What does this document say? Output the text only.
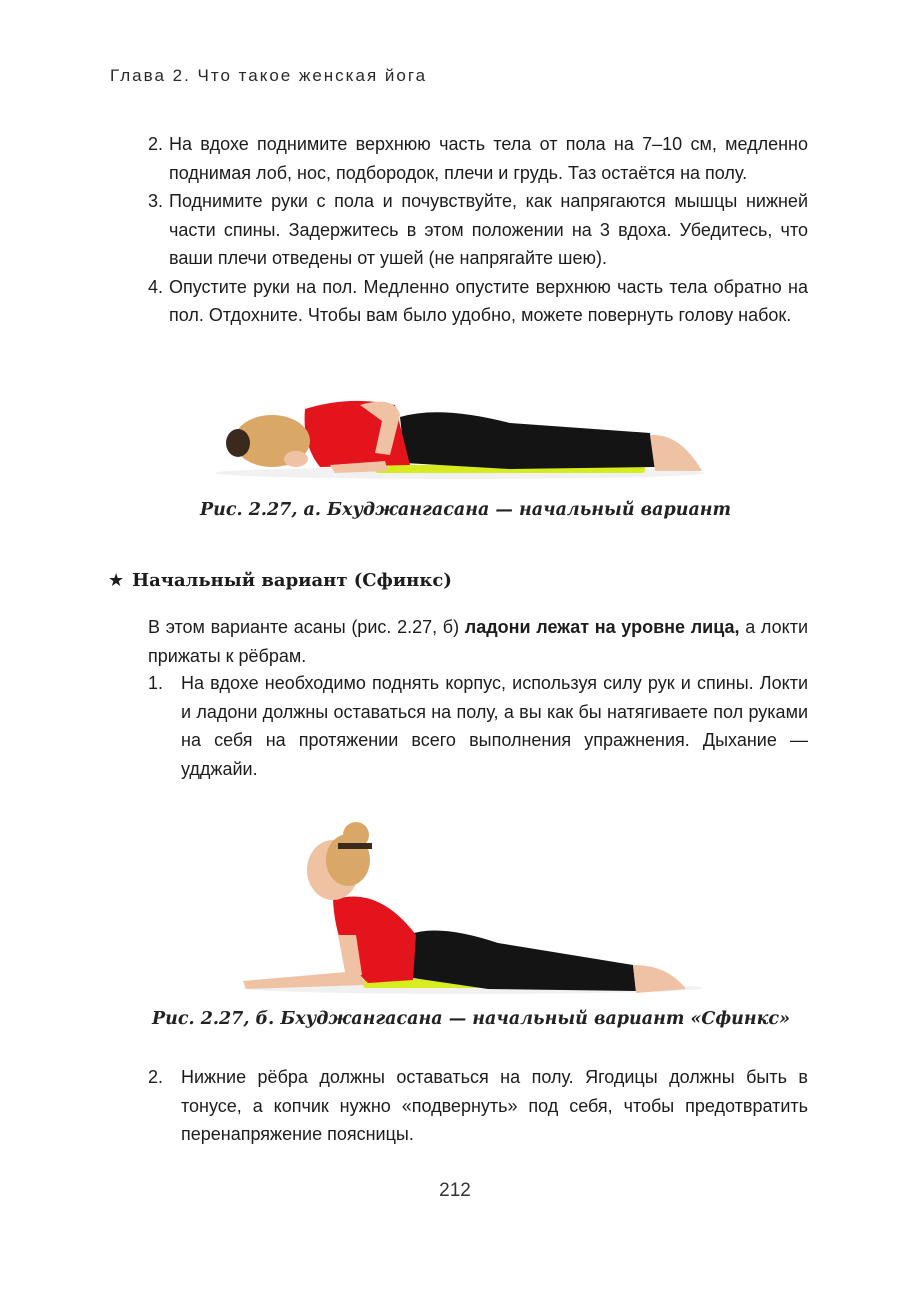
Глава 2. Что такое женская йога
2. На вдохе поднимите верхнюю часть тела от пола на 7–10 см, медленно поднимая лоб, нос, подбородок, плечи и грудь. Таз остаётся на полу.
3. Поднимите руки с пола и почувствуйте, как напрягаются мышцы нижней части спины. Задержитесь в этом положении на 3 вдоха. Убедитесь, что ваши плечи отведены от ушей (не напрягайте шею).
4. Опустите руки на пол. Медленно опустите верхнюю часть тела обратно на пол. Отдохните. Чтобы вам было удобно, можете повернуть голову набок.
Рис. 2.27, а. Бхуджангасана — начальный вариант
★ Начальный вариант (Сфинкс)
В этом варианте асаны (рис. 2.27, б) ладони лежат на уровне лица, а локти прижаты к рёбрам.
1. На вдохе необходимо поднять корпус, используя силу рук и спины. Локти и ладони должны оставаться на полу, а вы как бы натягиваете пол руками на себя на протяжении всего выполнения упражнения. Дыхание — удджайи.
Рис. 2.27, б. Бхуджангасана — начальный вариант «Сфинкс»
2. Нижние рёбра должны оставаться на полу. Ягодицы должны быть в тонусе, а копчик нужно «подвернуть» под себя, чтобы предотвратить перенапряжение поясницы.
212
